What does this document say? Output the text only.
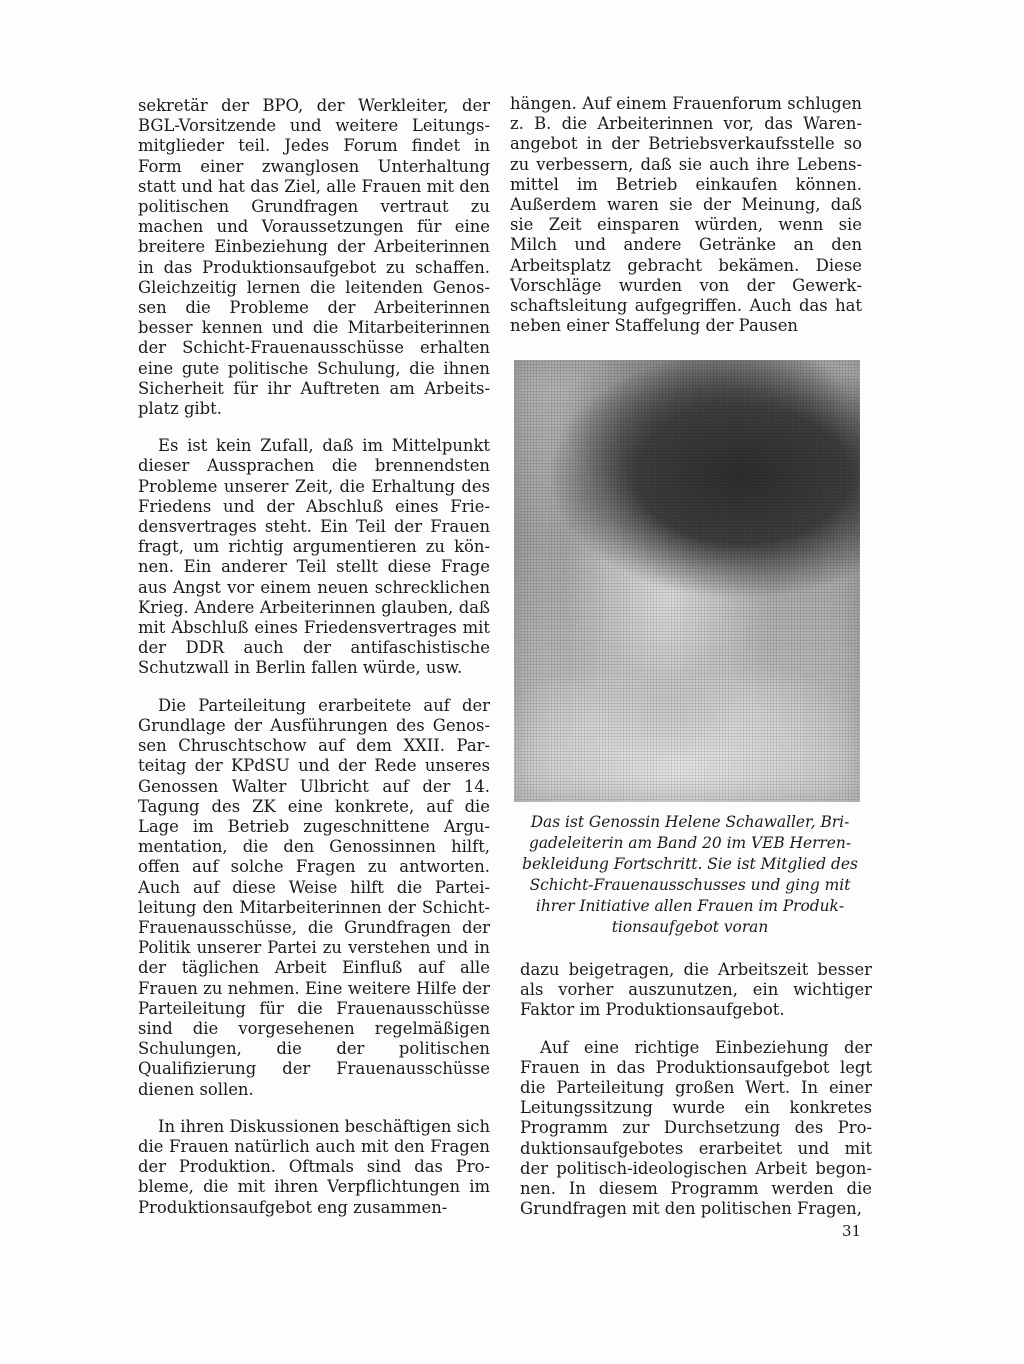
sekretär der BPO, der Werkleiter, der BGL-Vorsitzende und weitere Leitungsmitglieder teil. Jedes Forum findet in Form einer zwanglosen Unterhaltung statt und hat das Ziel, alle Frauen mit den politischen Grundfragen vertraut zu machen und Voraussetzungen für eine breitere Einbeziehung der Arbeiterinnen in das Produktionsaufgebot zu schaffen. Gleichzeitig lernen die leitenden Genossen die Probleme der Arbeiterinnen besser kennen und die Mitarbeiterinnen der Schicht-Frauenausschüsse erhalten eine gute politische Schulung, die ihnen Sicherheit für ihr Auftreten am Arbeitsplatz gibt.

Es ist kein Zufall, daß im Mittelpunkt dieser Aussprachen die brennendsten Probleme unserer Zeit, die Erhaltung des Friedens und der Abschluß eines Friedensvertrages steht. Ein Teil der Frauen fragt, um richtig argumentieren zu können. Ein anderer Teil stellt diese Frage aus Angst vor einem neuen schrecklichen Krieg. Andere Arbeiterinnen glauben, daß mit Abschluß eines Friedensvertrages mit der DDR auch der antifaschistische Schutzwall in Berlin fallen würde, usw.

Die Parteileitung erarbeitete auf der Grundlage der Ausführungen des Genossen Chruschtschow auf dem XXII. Parteitag der KPdSU und der Rede unseres Genossen Walter Ulbricht auf der 14. Tagung des ZK eine konkrete, auf die Lage im Betrieb zugeschnittene Argumentation, die den Genossinnen hilft, offen auf solche Fragen zu antworten. Auch auf diese Weise hilft die Parteileitung den Mitarbeiterinnen der Schicht-Frauenausschüsse, die Grundfragen der Politik unserer Partei zu verstehen und in der täglichen Arbeit Einfluß auf alle Frauen zu nehmen. Eine weitere Hilfe der Parteileitung für die Frauenausschüsse sind die vorgesehenen regelmäßigen Schulungen, die der politischen Qualifizierung der Frauenausschüsse dienen sollen.

In ihren Diskussionen beschäftigen sich die Frauen natürlich auch mit den Fragen der Produktion. Oftmals sind das Probleme, die mit ihren Verpflichtungen im Produktionsaufgebot eng zusammen-

hängen. Auf einem Frauenforum schlugen z. B. die Arbeiterinnen vor, das Warenangebot in der Betriebsverkaufsstelle so zu verbessern, daß sie auch ihre Lebensmittel im Betrieb einkaufen können. Außerdem waren sie der Meinung, daß sie Zeit einsparen würden, wenn sie Milch und andere Getränke an den Arbeitsplatz gebracht bekämen. Diese Vorschläge wurden von der Gewerkschaftsleitung aufgegriffen. Auch das hat neben einer Staffelung der Pausen

Das ist Genossin Helene Schawaller, Brigadeleiterin am Band 20 im VEB Herrenbekleidung Fortschritt. Sie ist Mitglied des Schicht-Frauenausschusses und ging mit ihrer Initiative allen Frauen im Produktionsaufgebot voran

dazu beigetragen, die Arbeitszeit besser als vorher auszunutzen, ein wichtiger Faktor im Produktionsaufgebot.

Auf eine richtige Einbeziehung der Frauen in das Produktionsaufgebot legt die Parteileitung großen Wert. In einer Leitungssitzung wurde ein konkretes Programm zur Durchsetzung des Produktionsaufgebotes erarbeitet und mit der politisch-ideologischen Arbeit begonnen. In diesem Programm werden die Grundfragen mit den politischen Fragen,

31
